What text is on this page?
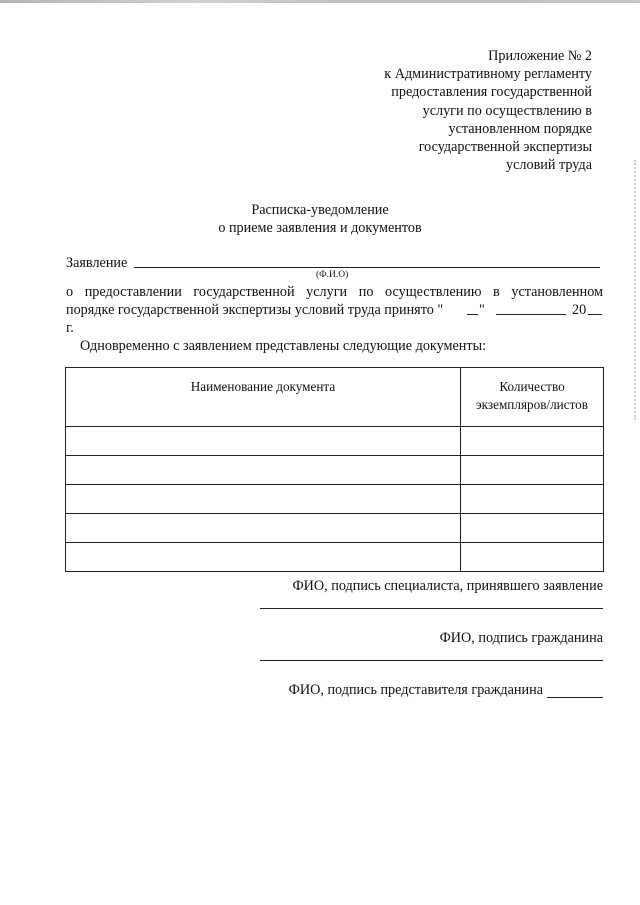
Приложение № 2
к Административному регламенту
предоставления государственной
услуги по осуществлению в
установленном порядке
государственной экспертизы
условий труда
Расписка-уведомление
о приеме заявления и документов
Заявление
(Ф.И.О)
о предоставлении государственной услуги по осуществлению в установленном
порядке государственной экспертизы условий труда принято "	"	20
г.
Одновременно с заявлением представлены следующие документы:
Наименование документа	Количество
экземпляров/листов

ФИО, подпись специалиста, принявшего заявление
ФИО, подпись гражданина
ФИО, подпись представителя гражданина
